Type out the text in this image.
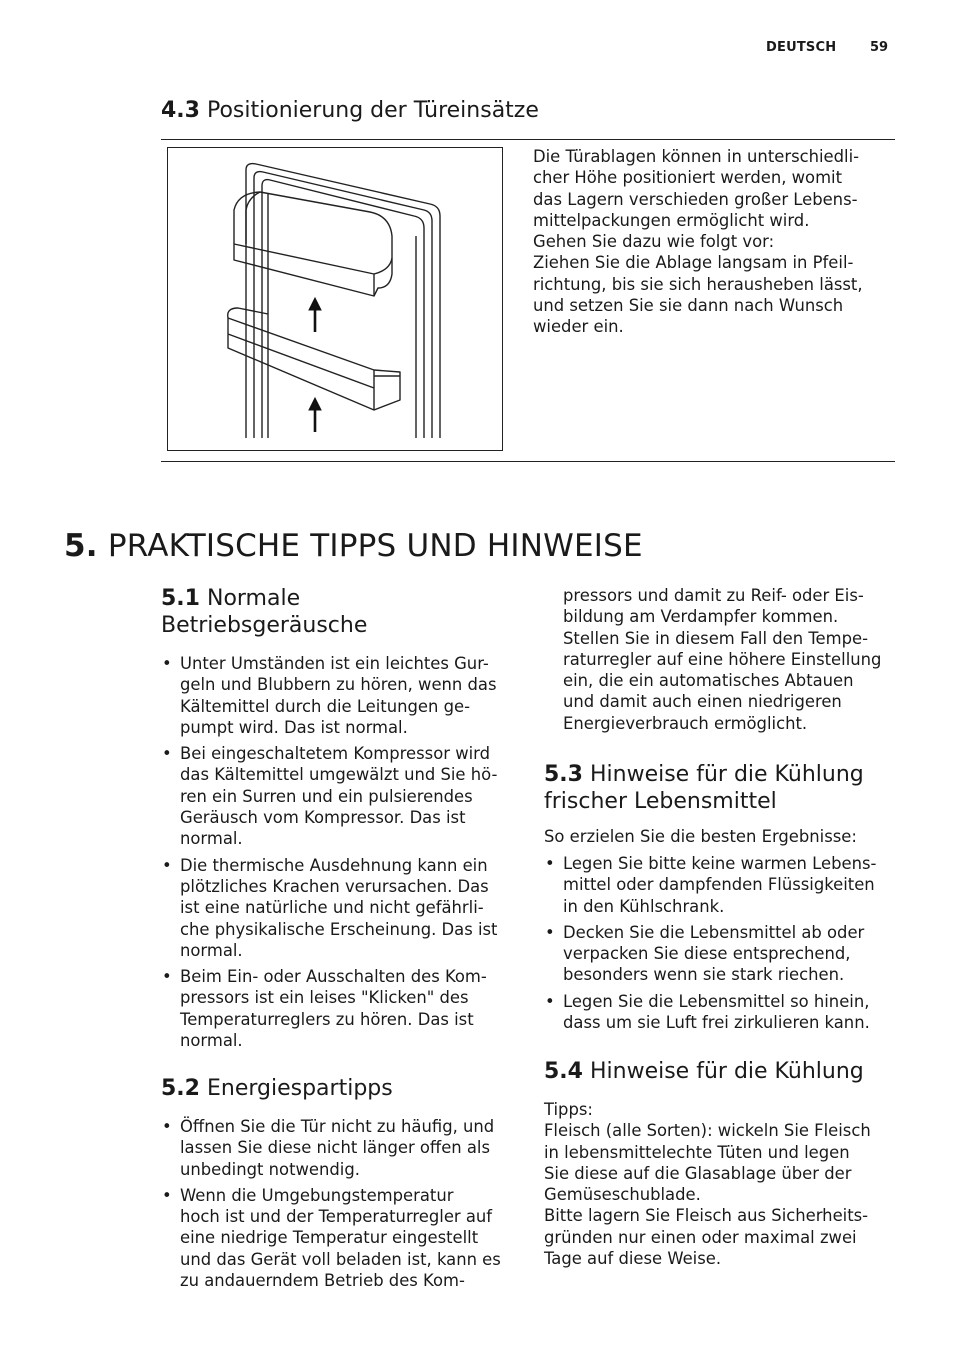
DEUTSCH	59
4.3 Positionierung der Türeinsätze
Die Türablagen können in unterschiedli-
cher Höhe positioniert werden, womit
das Lagern verschieden großer Lebens-
mittelpackungen ermöglicht wird.
Gehen Sie dazu wie folgt vor:
Ziehen Sie die Ablage langsam in Pfeil-
richtung, bis sie sich herausheben lässt,
und setzen Sie sie dann nach Wunsch
wieder ein.
5. PRAKTISCHE TIPPS UND HINWEISE
5.1 Normale
Betriebsgeräusche
• Unter Umständen ist ein leichtes Gur-
geln und Blubbern zu hören, wenn das
Kältemittel durch die Leitungen ge-
pumpt wird. Das ist normal.
• Bei eingeschaltetem Kompressor wird
das Kältemittel umgewälzt und Sie hö-
ren ein Surren und ein pulsierendes
Geräusch vom Kompressor. Das ist
normal.
• Die thermische Ausdehnung kann ein
plötzliches Krachen verursachen. Das
ist eine natürliche und nicht gefährli-
che physikalische Erscheinung. Das ist
normal.
• Beim Ein- oder Ausschalten des Kom-
pressors ist ein leises "Klicken" des
Temperaturreglers zu hören. Das ist
normal.
5.2 Energiespartipps
• Öffnen Sie die Tür nicht zu häufig, und
lassen Sie diese nicht länger offen als
unbedingt notwendig.
• Wenn die Umgebungstemperatur
hoch ist und der Temperaturregler auf
eine niedrige Temperatur eingestellt
und das Gerät voll beladen ist, kann es
zu andauerndem Betrieb des Kom-
pressors und damit zu Reif- oder Eis-
bildung am Verdampfer kommen.
Stellen Sie in diesem Fall den Tempe-
raturregler auf eine höhere Einstellung
ein, die ein automatisches Abtauen
und damit auch einen niedrigeren
Energieverbrauch ermöglicht.
5.3 Hinweise für die Kühlung
frischer Lebensmittel
So erzielen Sie die besten Ergebnisse:
• Legen Sie bitte keine warmen Lebens-
mittel oder dampfenden Flüssigkeiten
in den Kühlschrank.
• Decken Sie die Lebensmittel ab oder
verpacken Sie diese entsprechend,
besonders wenn sie stark riechen.
• Legen Sie die Lebensmittel so hinein,
dass um sie Luft frei zirkulieren kann.
5.4 Hinweise für die Kühlung
Tipps:
Fleisch (alle Sorten): wickeln Sie Fleisch
in lebensmittelechte Tüten und legen
Sie diese auf die Glasablage über der
Gemüseschublade.
Bitte lagern Sie Fleisch aus Sicherheits-
gründen nur einen oder maximal zwei
Tage auf diese Weise.
